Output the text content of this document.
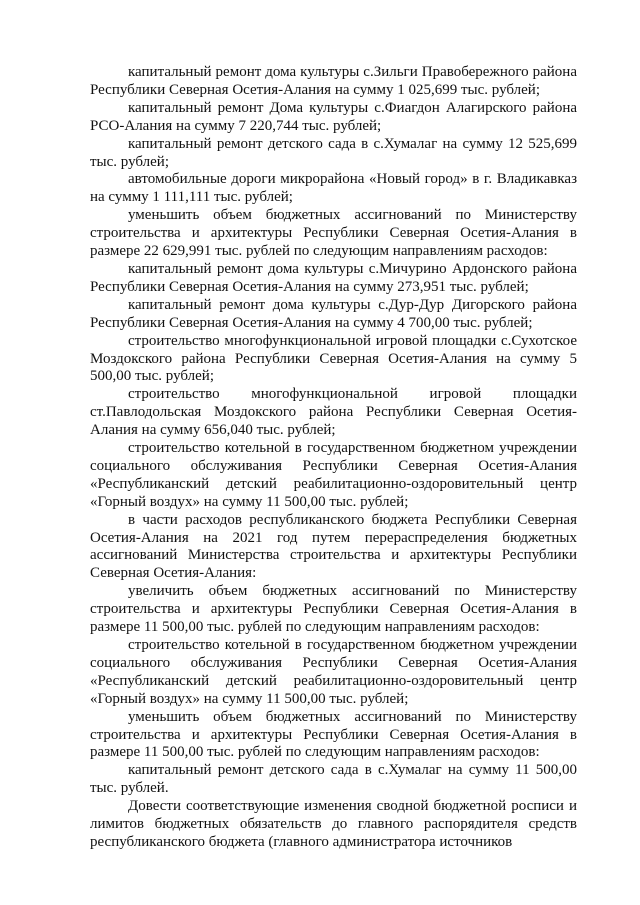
капитальный ремонт дома культуры с.Зильги Правобережного района Республики Северная Осетия-Алания на сумму 1 025,699 тыс. рублей;

капитальный ремонт Дома культуры с.Фиагдон Алагирского района РСО-Алания на сумму 7 220,744 тыс. рублей;

капитальный ремонт детского сада в с.Хумалаг на сумму 12 525,699 тыс. рублей;

автомобильные дороги микрорайона «Новый город» в г. Владикавказ на сумму 1 111,111 тыс. рублей;

уменьшить объем бюджетных ассигнований по Министерству строительства и архитектуры Республики Северная Осетия-Алания в размере 22 629,991 тыс. рублей по следующим направлениям расходов:

капитальный ремонт дома культуры с.Мичурино Ардонского района Республики Северная Осетия-Алания на сумму 273,951 тыс. рублей;

капитальный ремонт дома культуры с.Дур-Дур Дигорского района Республики Северная Осетия-Алания на сумму 4 700,00 тыс. рублей;

строительство многофункциональной игровой площадки с.Сухотское Моздокского района Республики Северная Осетия-Алания на сумму 5 500,00 тыс. рублей;

строительство многофункциональной игровой площадки ст.Павлодольская Моздокского района Республики Северная Осетия-Алания на сумму 656,040 тыс. рублей;

строительство котельной в государственном бюджетном учреждении социального обслуживания Республики Северная Осетия-Алания «Республиканский детский реабилитационно-оздоровительный центр «Горный воздух» на сумму 11 500,00 тыс. рублей;

в части расходов республиканского бюджета Республики Северная Осетия-Алания на 2021 год путем перераспределения бюджетных ассигнований Министерства строительства и архитектуры Республики Северная Осетия-Алания:

увеличить объем бюджетных ассигнований по Министерству строительства и архитектуры Республики Северная Осетия-Алания в размере 11 500,00 тыс. рублей по следующим направлениям расходов:

строительство котельной в государственном бюджетном учреждении социального обслуживания Республики Северная Осетия-Алания «Республиканский детский реабилитационно-оздоровительный центр «Горный воздух» на сумму 11 500,00 тыс. рублей;

уменьшить объем бюджетных ассигнований по Министерству строительства и архитектуры Республики Северная Осетия-Алания в размере 11 500,00 тыс. рублей по следующим направлениям расходов:

капитальный ремонт детского сада в с.Хумалаг на сумму 11 500,00 тыс. рублей.

Довести соответствующие изменения сводной бюджетной росписи и лимитов бюджетных обязательств до главного распорядителя средств республиканского бюджета (главного администратора источников
